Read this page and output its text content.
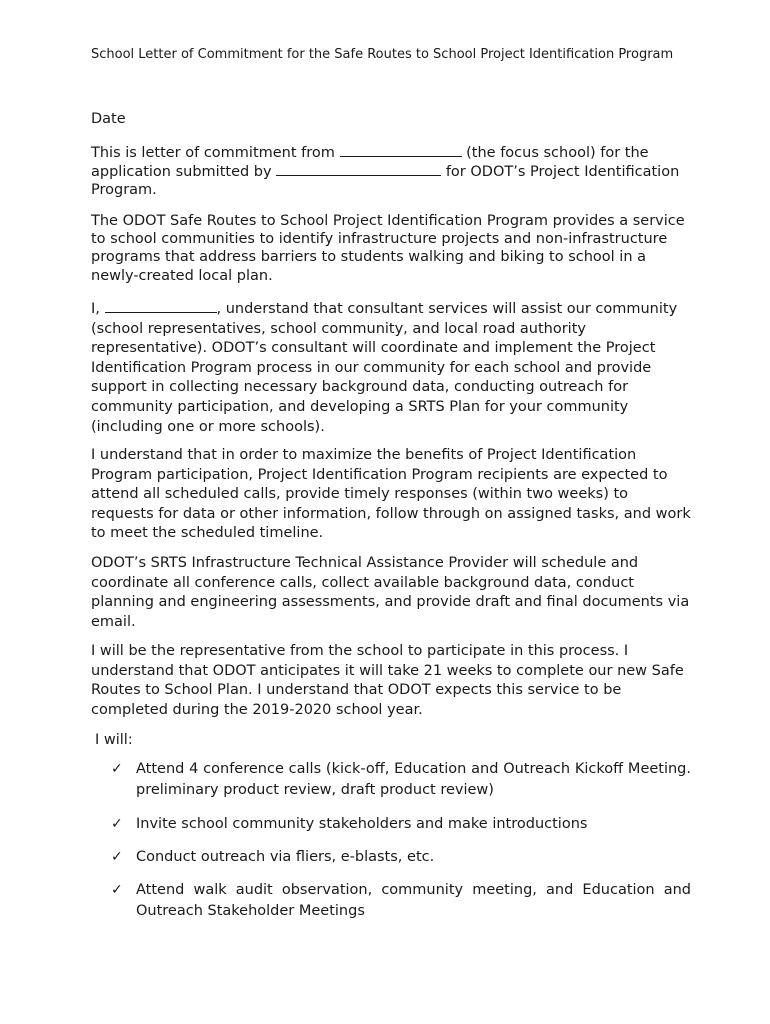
School Letter of Commitment for the Safe Routes to School Project Identification Program
Date

This is letter of commitment from	(the focus school) for the application submitted by	for ODOT’s Project Identification Program.

The ODOT Safe Routes to School Project Identification Program provides a service to school communities to identify infrastructure projects and non-infrastructure programs that address barriers to students walking and biking to school in a newly-created local plan.

I,	, understand that consultant services will assist our community (school representatives, school community, and local road authority representative). ODOT’s consultant will coordinate and implement the Project Identification Program process in our community for each school and provide support in collecting necessary background data, conducting outreach for community participation, and developing a SRTS Plan for your community (including one or more schools).

I understand that in order to maximize the benefits of Project Identification Program participation, Project Identification Program recipients are expected to attend all scheduled calls, provide timely responses (within two weeks) to requests for data or other information, follow through on assigned tasks, and work to meet the scheduled timeline.

ODOT’s SRTS Infrastructure Technical Assistance Provider will schedule and coordinate all conference calls, collect available background data, conduct planning and engineering assessments, and provide draft and final documents via email.

I will be the representative from the school to participate in this process. I understand that ODOT anticipates it will take 21 weeks to complete our new Safe Routes to School Plan. I understand that ODOT expects this service to be completed during the 2019-2020 school year.

I will:
✓ Attend 4 conference calls (kick-off, Education and Outreach Kickoff Meeting. preliminary product review, draft product review)
✓ Invite school community stakeholders and make introductions
✓ Conduct outreach via fliers, e-blasts, etc.
✓ Attend walk audit observation, community meeting, and Education and Outreach Stakeholder Meetings
